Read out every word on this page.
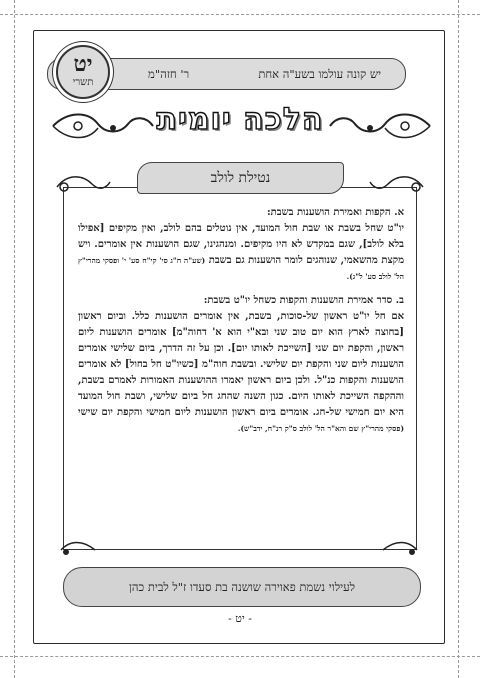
יש קונה עולמו בשע"ה אחת
ר' חזה"מ
יט
תשרי
הלכה יומית
נטילת לולב

א. הקפות ואמירת הושענות בשבת:
יו"ט שחל בשבת או שבת חול המועד, אין נוטלים בהם לולב, ואין מקיפים [אפילו בלא לולב], שגם במקדש לא היו מקיפים. ומנהגינו, שגם הושענות אין אומרים. ויש מקצת מהשאמי, שנוהגים לומר הושענות גם בשבת (שע"ה ח"ג סי' קי"ח סע' י' ופסקי מהרי"ץ הל' לולב סע' ל"ג).

ב. סדר אמירת הושענות והקפות כשחל יו"ט בשבת:
אם חל יו"ט ראשון של-סוכות, בשבת, אין אומרים הושענות כלל. וביום ראשון [בחוצה לארץ הוא יום טוב שני ובא"י הוא א' דחוה"מ] אומרים הושענות ליום ראשון, והקפת יום שני [השייכת לאותו יום]. וכן על זה הדרך, ביום שלישי אומרים הושענות ליום שני והקפת יום שלישי. ובשבת חוה"מ [כשיו"ט חל בחול] לא אומרים הושענות והקפות כנ"ל. ולכן ביום ראשון יאמרו ההושענות האמורות לאמרם בשבת, וההקפה השייכת לאותו היום. כגון השנה שהחג חל ביום שלישי, ושבת חול המועד היא יום חמישי של-חג. אומרים ביום ראשון הושענות ליום חמישי והקפת יום שישי (פסקי מהרי"ץ שם והא"ר הל' לולב ס"ק רנ"ח, ידב"ש).

לעילוי נשמת פאוירה שושנה בת סעדו ז"ל לבית כהן
- יט -
